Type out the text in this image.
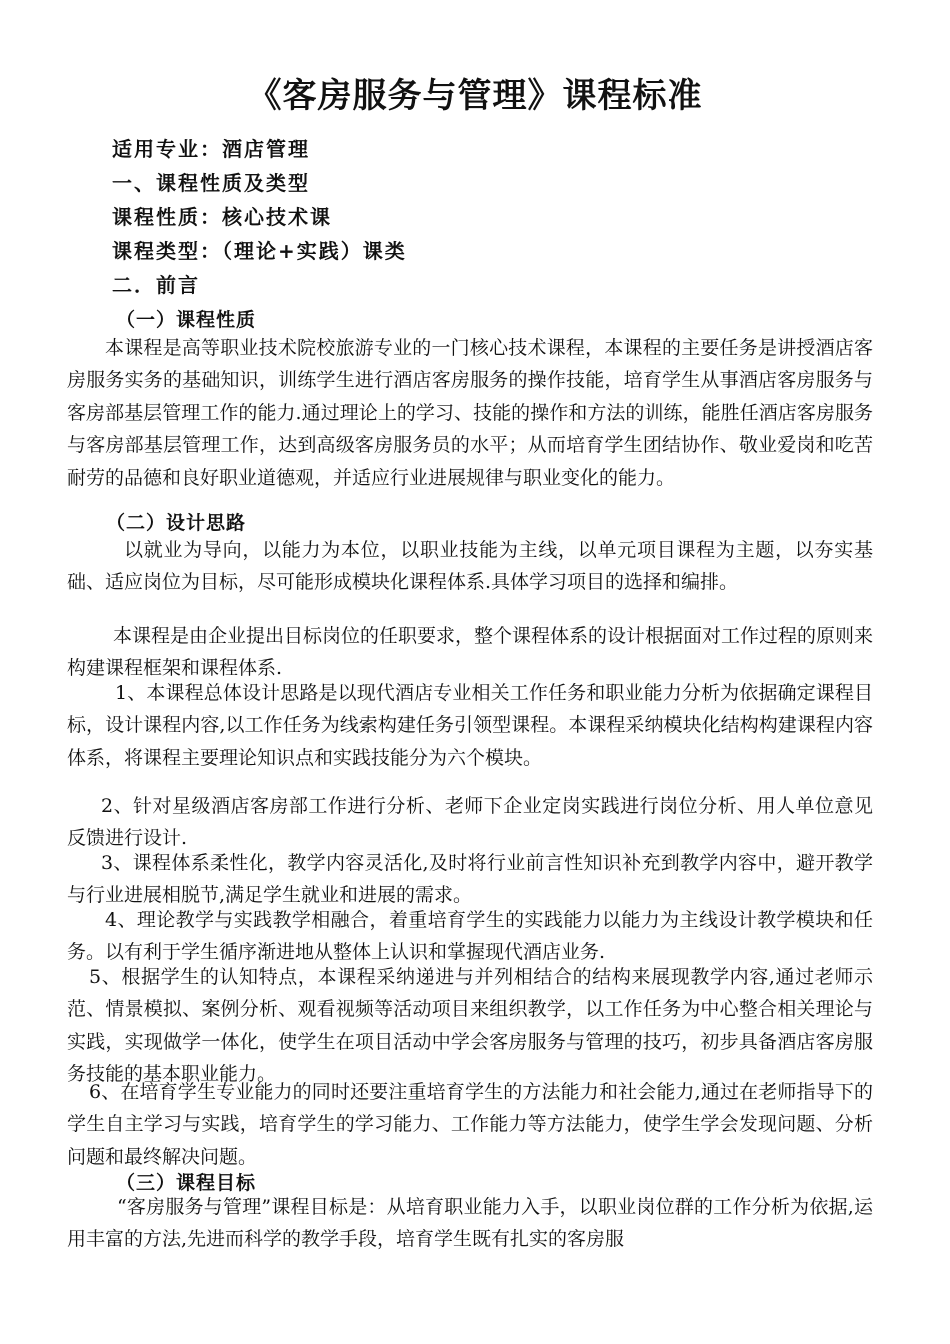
《客房服务与管理》课程标准
适用专业：酒店管理
一、课程性质及类型
课程性质：核心技术课
课程类型：（理论+实践）课类
二．前言
（一）课程性质

本课程是高等职业技术院校旅游专业的一门核心技术课程，本课程的主要任务是讲授酒店客房服务实务的基础知识，训练学生进行酒店客房服务的操作技能，培育学生从事酒店客房服务与客房部基层管理工作的能力.通过理论上的学习、技能的操作和方法的训练，能胜任酒店客房服务与客房部基层管理工作，达到高级客房服务员的水平；从而培育学生团结协作、敬业爱岗和吃苦耐劳的品德和良好职业道德观，并适应行业进展规律与职业变化的能力。

（二）设计思路

以就业为导向，以能力为本位，以职业技能为主线，以单元项目课程为主题，以夯实基础、适应岗位为目标，尽可能形成模块化课程体系.具体学习项目的选择和编排。

本课程是由企业提出目标岗位的任职要求，整个课程体系的设计根据面对工作过程的原则来构建课程框架和课程体系.

1、本课程总体设计思路是以现代酒店专业相关工作任务和职业能力分析为依据确定课程目标，设计课程内容,以工作任务为线索构建任务引领型课程。本课程采纳模块化结构构建课程内容体系，将课程主要理论知识点和实践技能分为六个模块。

2、针对星级酒店客房部工作进行分析、老师下企业定岗实践进行岗位分析、用人单位意见反馈进行设计.

3、课程体系柔性化，教学内容灵活化,及时将行业前言性知识补充到教学内容中，避开教学与行业进展相脱节,满足学生就业和进展的需求。

4、理论教学与实践教学相融合，着重培育学生的实践能力以能力为主线设计教学模块和任务。以有利于学生循序渐进地从整体上认识和掌握现代酒店业务.

5、根据学生的认知特点，本课程采纳递进与并列相结合的结构来展现教学内容,通过老师示范、情景模拟、案例分析、观看视频等活动项目来组织教学，以工作任务为中心整合相关理论与实践，实现做学一体化，使学生在项目活动中学会客房服务与管理的技巧，初步具备酒店客房服务技能的基本职业能力。

6、在培育学生专业能力的同时还要注重培育学生的方法能力和社会能力,通过在老师指导下的学生自主学习与实践，培育学生的学习能力、工作能力等方法能力，使学生学会发现问题、分析问题和最终解决问题。

（三）课程目标

“客房服务与管理”课程目标是：从培育职业能力入手，以职业岗位群的工作分析为依据,运用丰富的方法,先进而科学的教学手段，培育学生既有扎实的客房服
